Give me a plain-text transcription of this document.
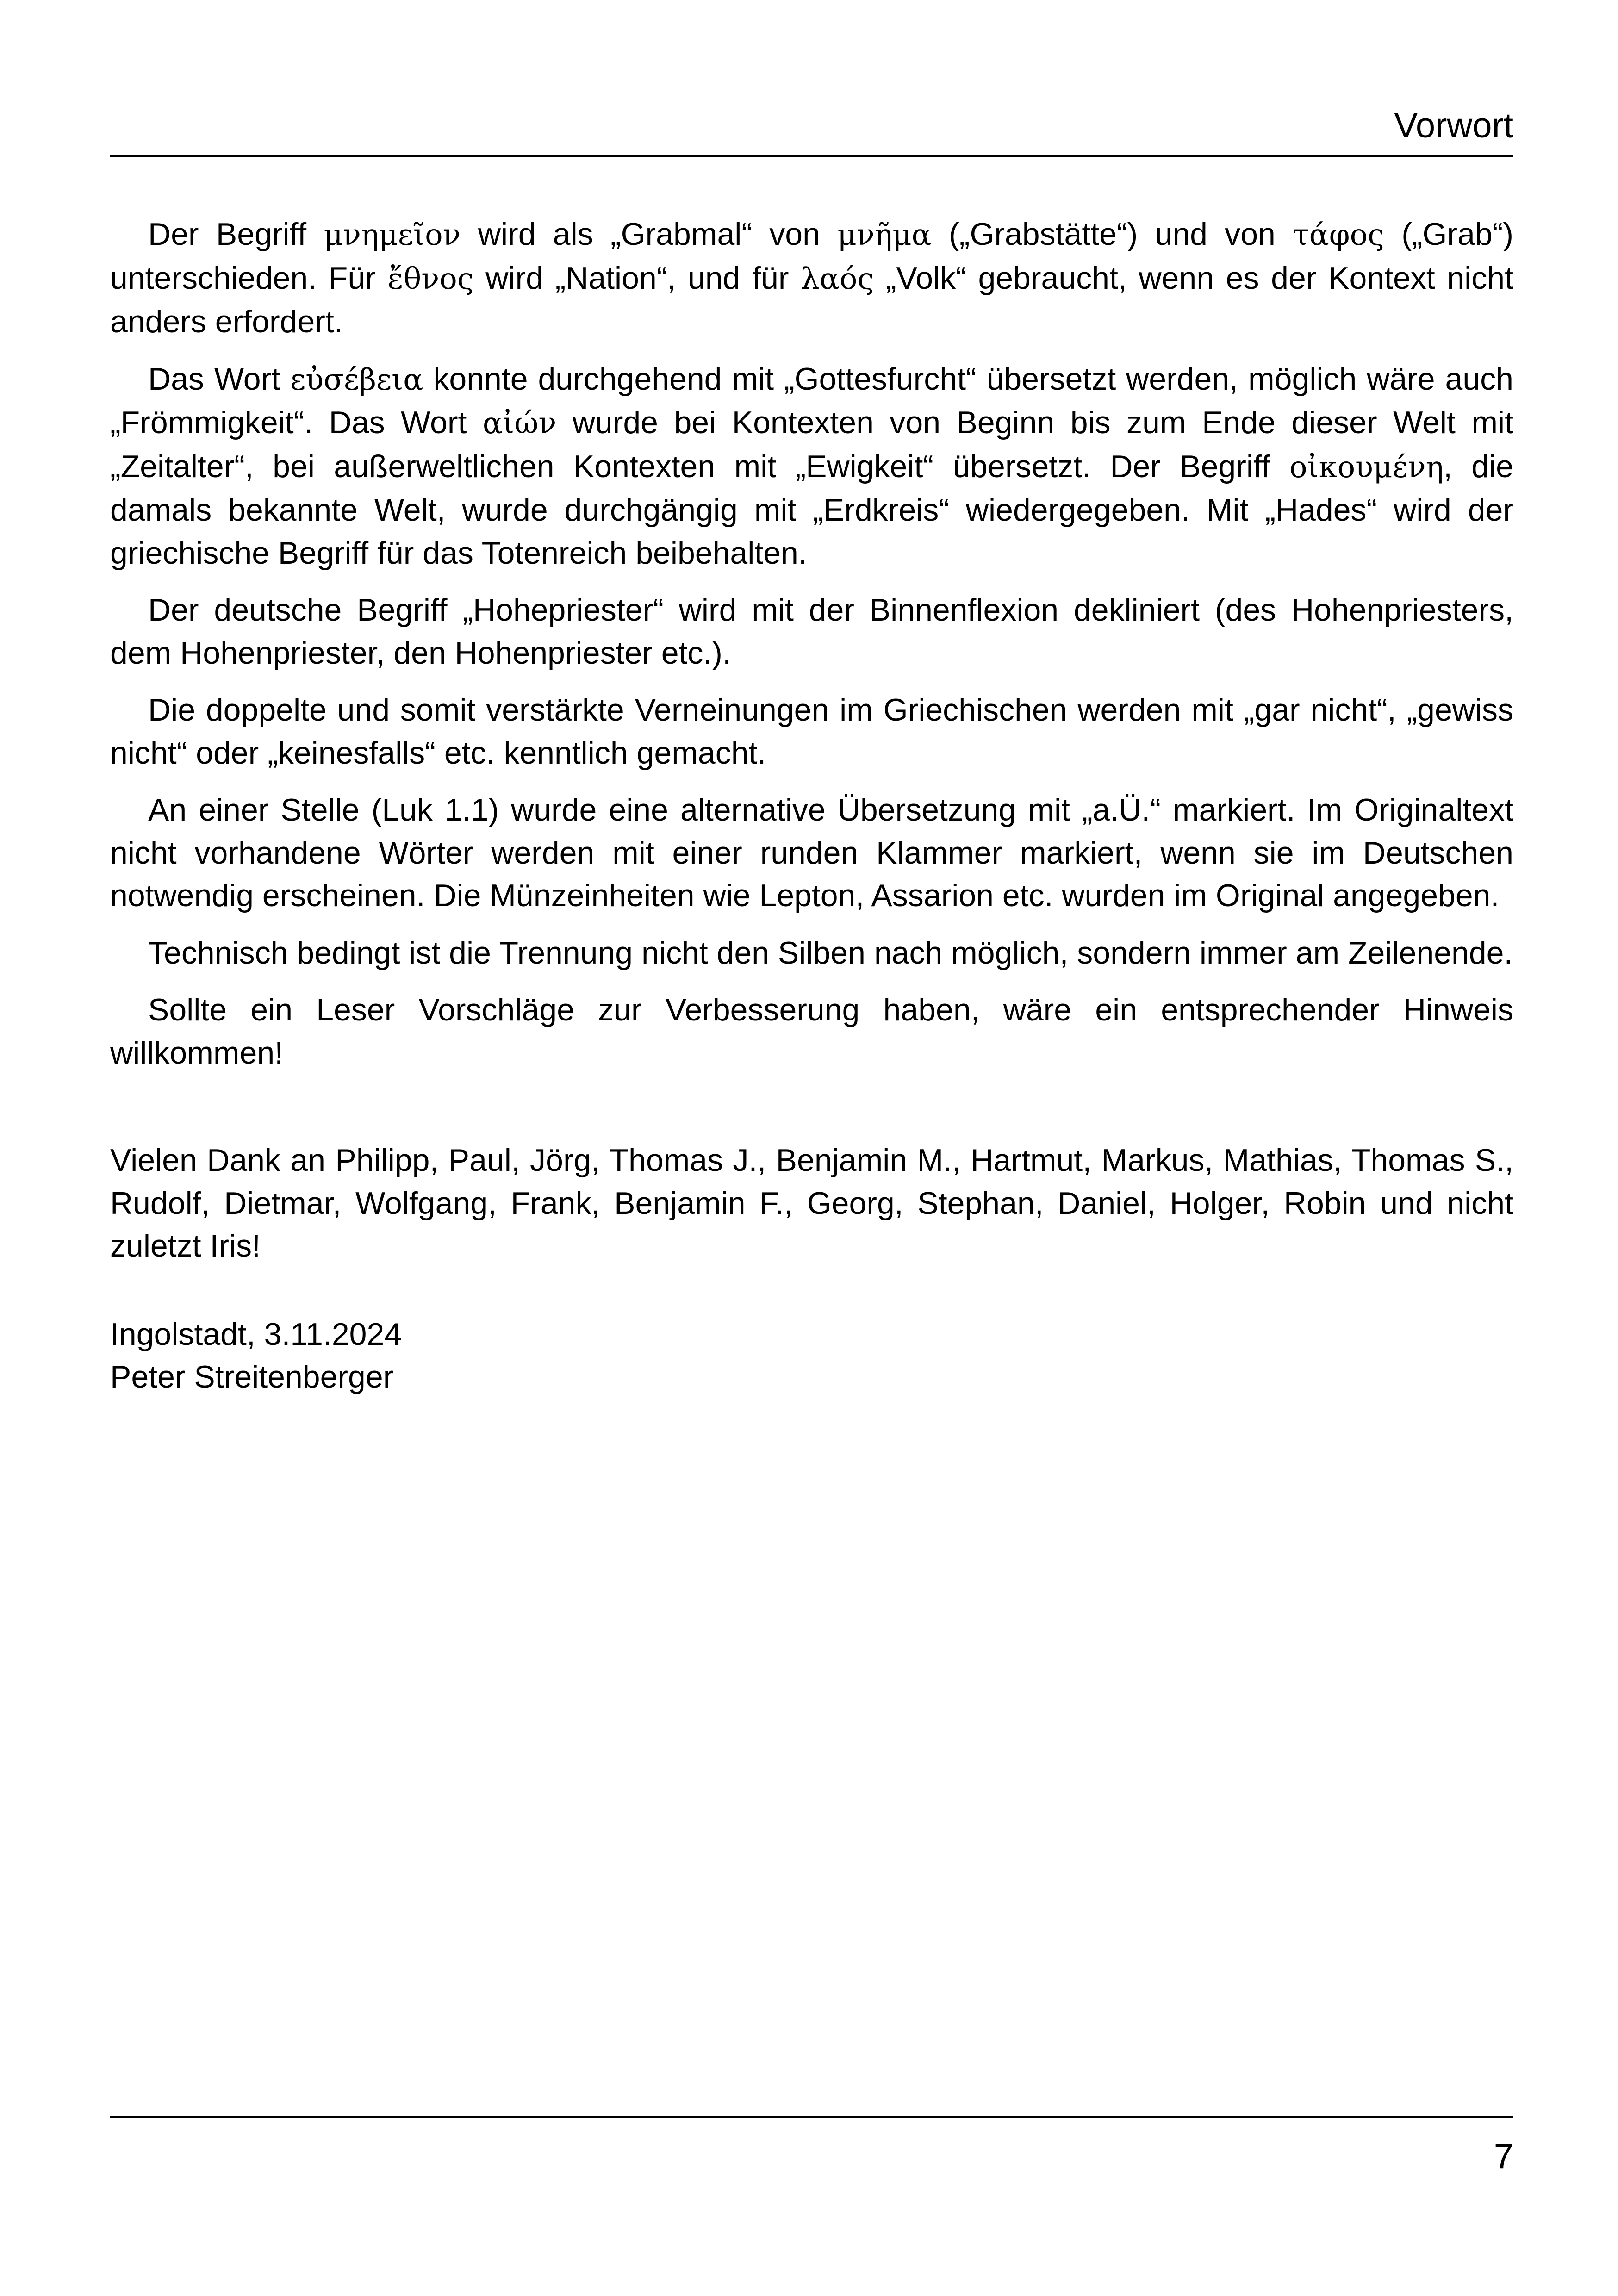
Vorwort

Der Begriff μνημεῖον wird als „Grabmal“ von μνῆμα („Grabstätte“) und von τάφος („Grab“) unterschieden. Für ἔθνος wird „Nation“, und für λαός „Volk“ gebraucht, wenn es der Kontext nicht anders erfordert.

Das Wort εὐσέβεια konnte durchgehend mit „Gottesfurcht“ übersetzt werden, möglich wäre auch „Frömmigkeit“. Das Wort αἰών wurde bei Kontexten von Beginn bis zum Ende dieser Welt mit „Zeitalter“, bei außerweltlichen Kontexten mit „Ewigkeit“ übersetzt. Der Begriff οἰκουμένη, die damals bekannte Welt, wurde durchgängig mit „Erdkreis“ wiedergegeben. Mit „Hades“ wird der griechische Begriff für das Totenreich beibehalten.

Der deutsche Begriff „Hohepriester“ wird mit der Binnenflexion dekliniert (des Hohenpriesters, dem Hohenpriester, den Hohenpriester etc.).

Die doppelte und somit verstärkte Verneinungen im Griechischen werden mit „gar nicht“, „gewiss nicht“ oder „keinesfalls“ etc. kenntlich gemacht.

An einer Stelle (Luk 1.1) wurde eine alternative Übersetzung mit „a.Ü.“ markiert. Im Originaltext nicht vorhandene Wörter werden mit einer runden Klammer markiert, wenn sie im Deutschen notwendig erscheinen. Die Münzeinheiten wie Lepton, Assarion etc. wurden im Original angegeben.

Technisch bedingt ist die Trennung nicht den Silben nach möglich, sondern immer am Zeilenende.

Sollte ein Leser Vorschläge zur Verbesserung haben, wäre ein entsprechender Hinweis willkommen!

Vielen Dank an Philipp, Paul, Jörg, Thomas J., Benjamin M., Hartmut, Markus, Mathias, Thomas S., Rudolf, Dietmar, Wolfgang, Frank, Benjamin F., Georg, Stephan, Daniel, Holger, Robin und nicht zuletzt Iris!

Ingolstadt, 3.11.2024
Peter Streitenberger
7
